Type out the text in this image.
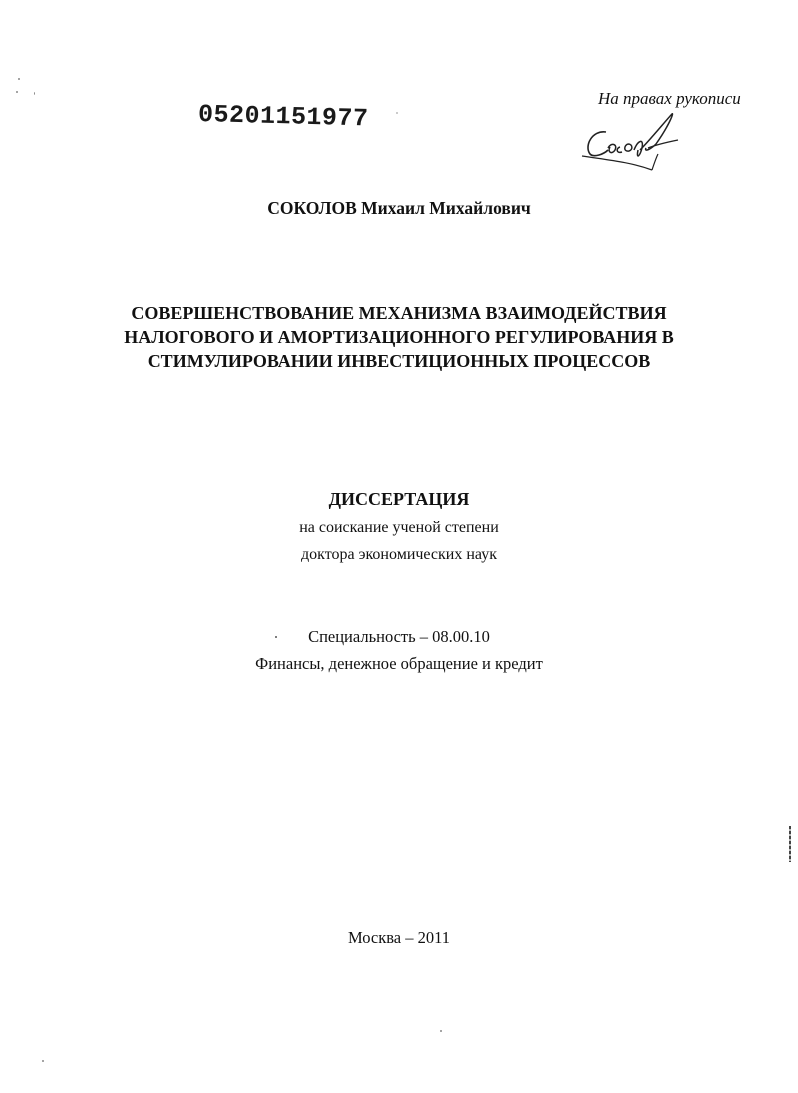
05201151977
На правах рукописи
СОКОЛОВ Михаил Михайлович
СОВЕРШЕНСТВОВАНИЕ МЕХАНИЗМА ВЗАИМОДЕЙСТВИЯ
НАЛОГОВОГО И АМОРТИЗАЦИОННОГО РЕГУЛИРОВАНИЯ В
СТИМУЛИРОВАНИИ ИНВЕСТИЦИОННЫХ ПРОЦЕССОВ
ДИССЕРТАЦИЯ
на соискание ученой степени
доктора экономических наук
Специальность – 08.00.10
Финансы, денежное обращение и кредит
Москва – 2011
